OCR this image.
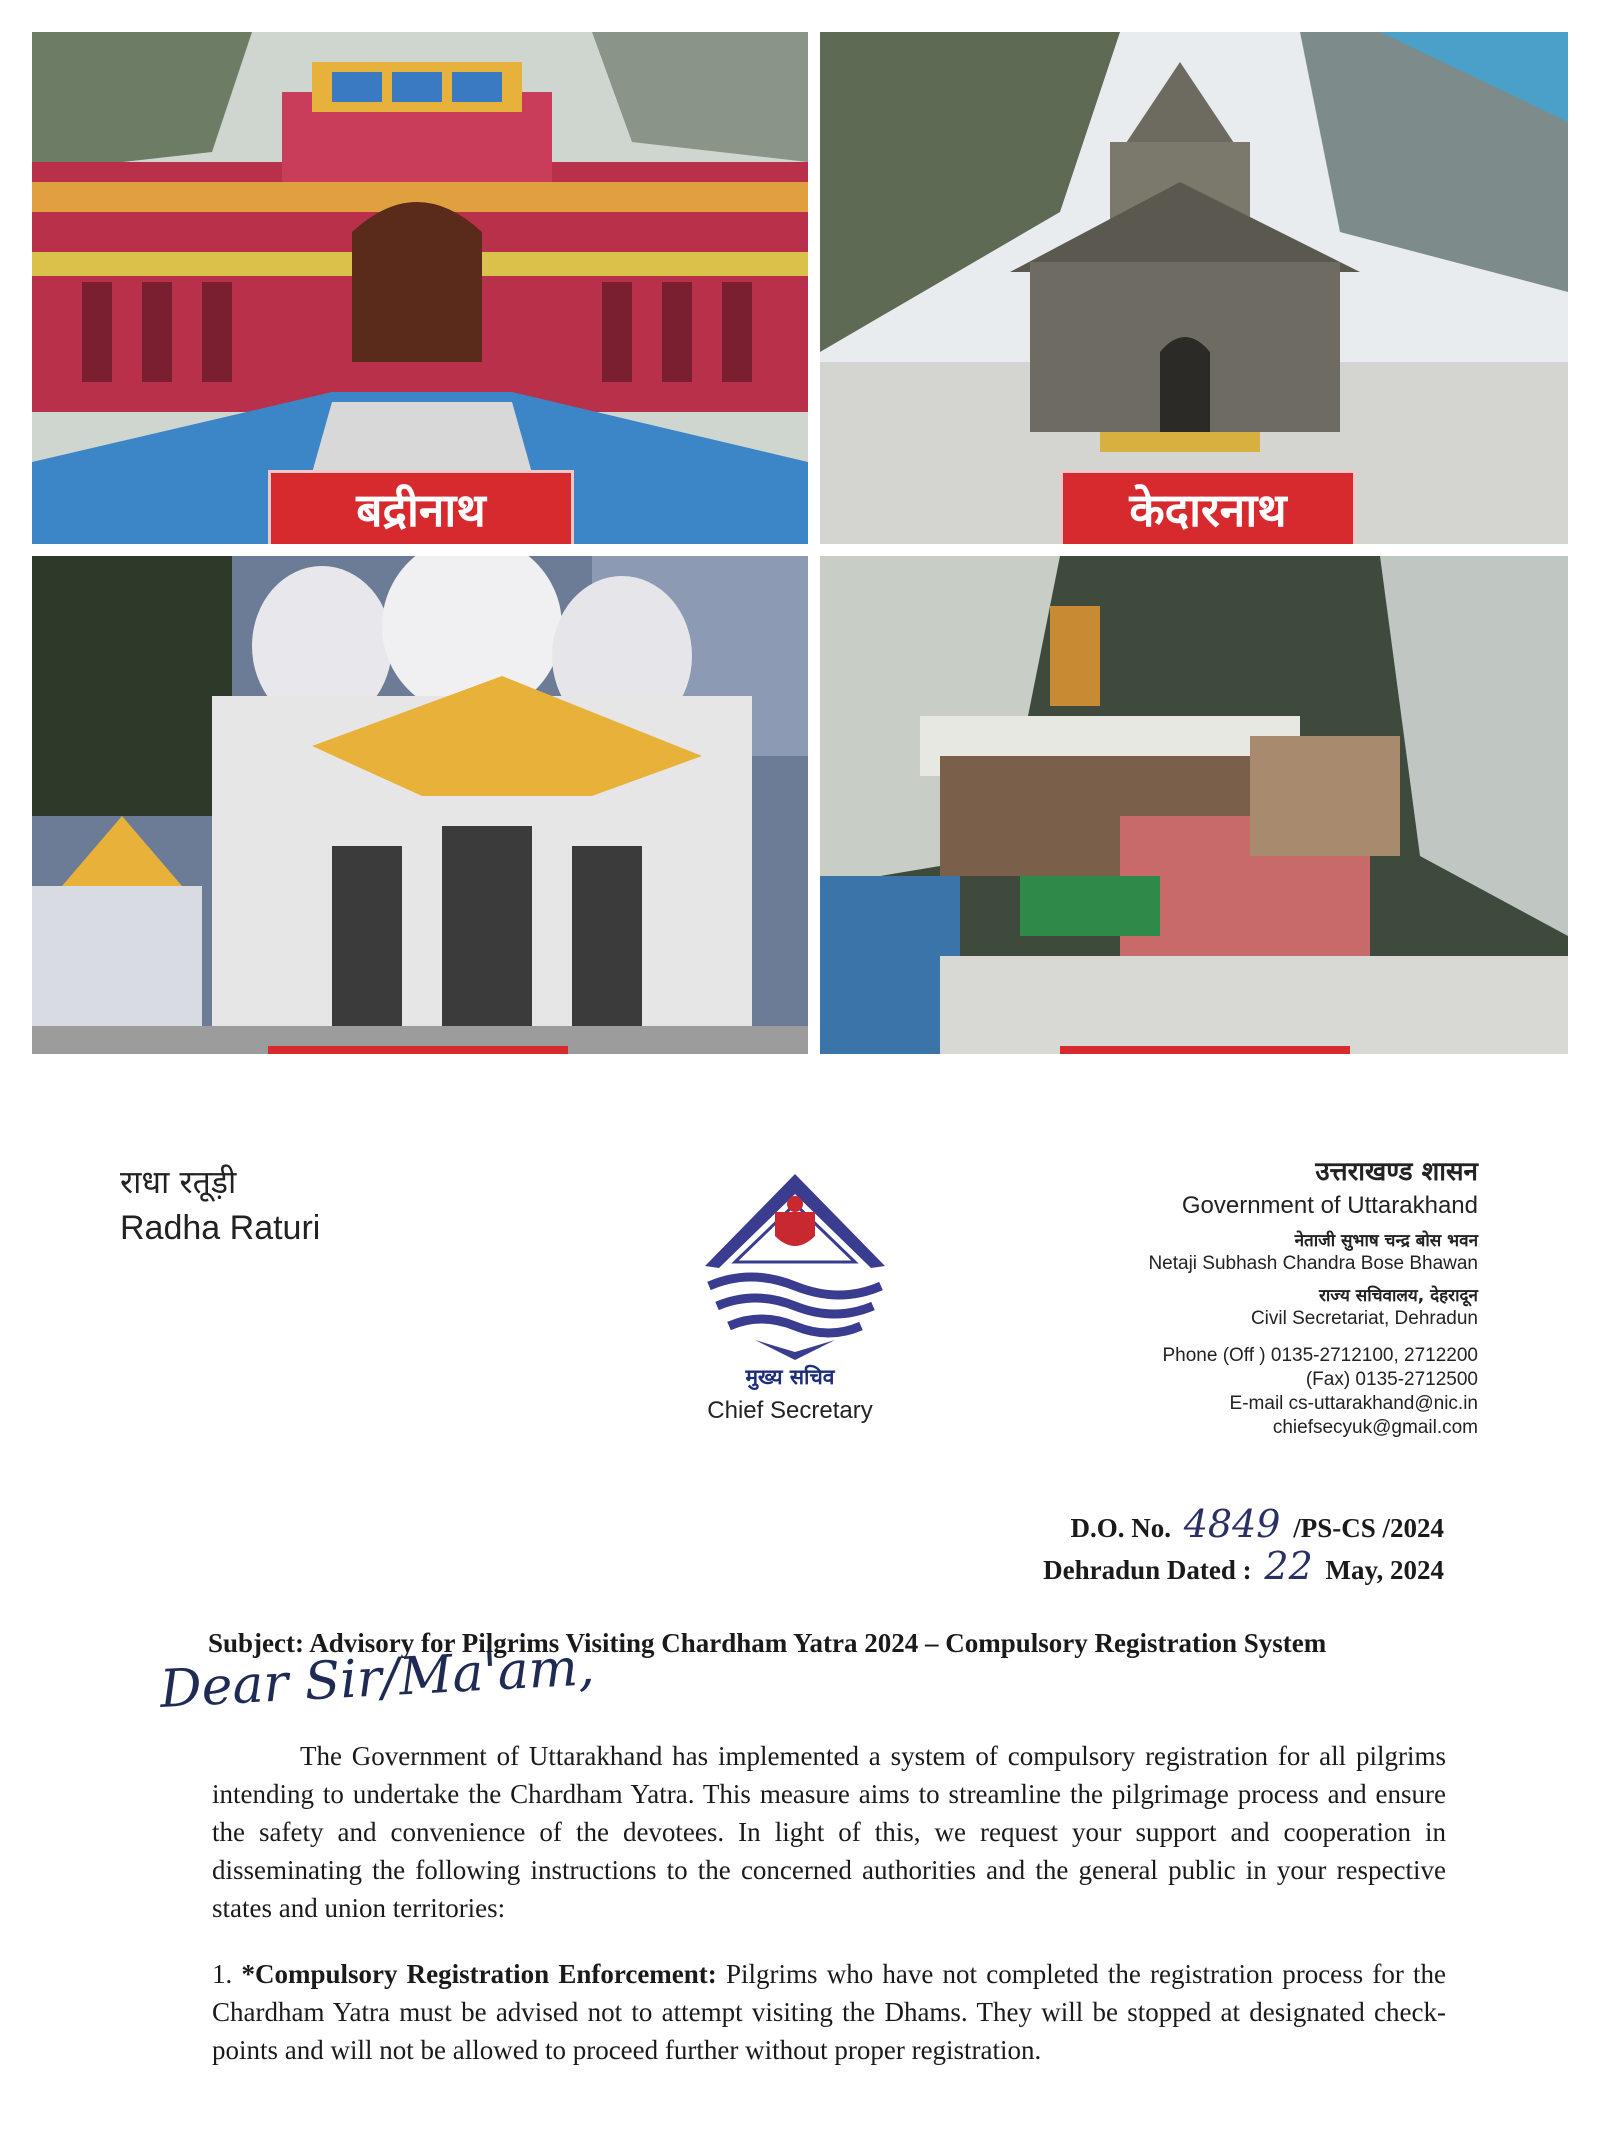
बद्रीनाथ	केदारनाथ
राधा रतूड़ी
Radha Raturi
मुख्य सचिव
Chief Secretary
उत्तराखण्ड शासन
Government of Uttarakhand
नेताजी सुभाष चन्द्र बोस भवन
Netaji Subhash Chandra Bose Bhawan
राज्य सचिवालय, देहरादून
Civil Secretariat, Dehradun
Phone (Off ) 0135-2712100, 2712200
(Fax) 0135-2712500
E-mail cs-uttarakhand@nic.in
chiefsecyuk@gmail.com
D.O. No. 4849 /PS-CS /2024
Dehradun Dated : 22 May, 2024
Subject: Advisory for Pilgrims Visiting Chardham Yatra 2024 – Compulsory Registration System
Dear Sir/Ma'am,
The Government of Uttarakhand has implemented a system of compulsory registration for all pilgrims intending to undertake the Chardham Yatra. This measure aims to streamline the pilgrimage process and ensure the safety and convenience of the devotees. In light of this, we request your support and cooperation in disseminating the following instructions to the concerned authorities and the general public in your respective states and union territories:
1. *Compulsory Registration Enforcement: Pilgrims who have not completed the registration process for the Chardham Yatra must be advised not to attempt visiting the Dhams. They will be stopped at designated check-points and will not be allowed to proceed further without proper registration.
